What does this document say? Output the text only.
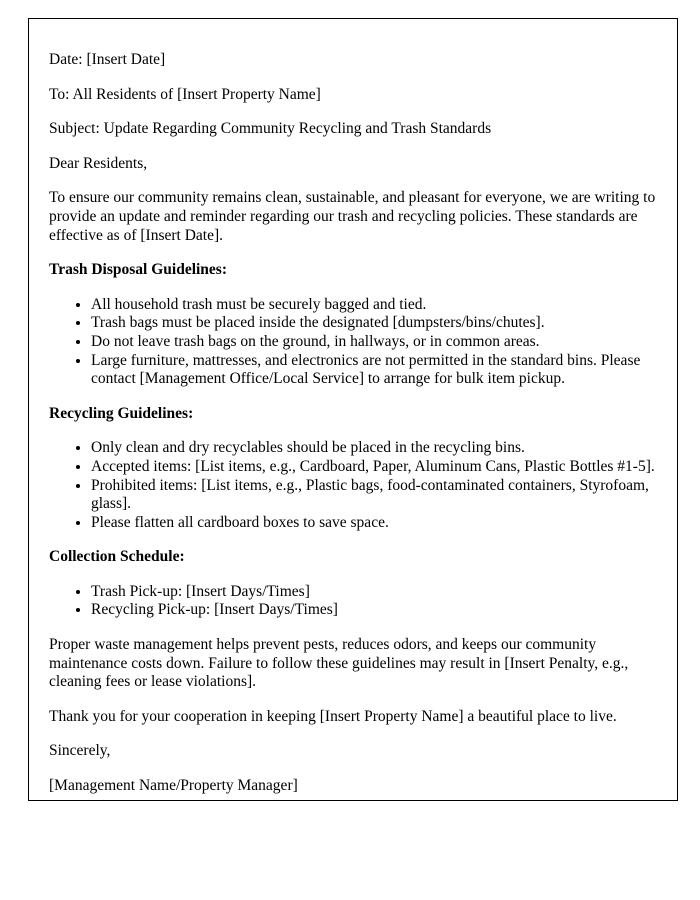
Date: [Insert Date]

To: All Residents of [Insert Property Name]

Subject: Update Regarding Community Recycling and Trash Standards

Dear Residents,

To ensure our community remains clean, sustainable, and pleasant for everyone, we are writing to provide an update and reminder regarding our trash and recycling policies. These standards are effective as of [Insert Date].

Trash Disposal Guidelines:

• All household trash must be securely bagged and tied.
• Trash bags must be placed inside the designated [dumpsters/bins/chutes].
• Do not leave trash bags on the ground, in hallways, or in common areas.
• Large furniture, mattresses, and electronics are not permitted in the standard bins. Please contact [Management Office/Local Service] to arrange for bulk item pickup.

Recycling Guidelines:

• Only clean and dry recyclables should be placed in the recycling bins.
• Accepted items: [List items, e.g., Cardboard, Paper, Aluminum Cans, Plastic Bottles #1-5].
• Prohibited items: [List items, e.g., Plastic bags, food-contaminated containers, Styrofoam, glass].
• Please flatten all cardboard boxes to save space.

Collection Schedule:

• Trash Pick-up: [Insert Days/Times]
• Recycling Pick-up: [Insert Days/Times]

Proper waste management helps prevent pests, reduces odors, and keeps our community maintenance costs down. Failure to follow these guidelines may result in [Insert Penalty, e.g., cleaning fees or lease violations].

Thank you for your cooperation in keeping [Insert Property Name] a beautiful place to live.

Sincerely,

[Management Name/Property Manager]
